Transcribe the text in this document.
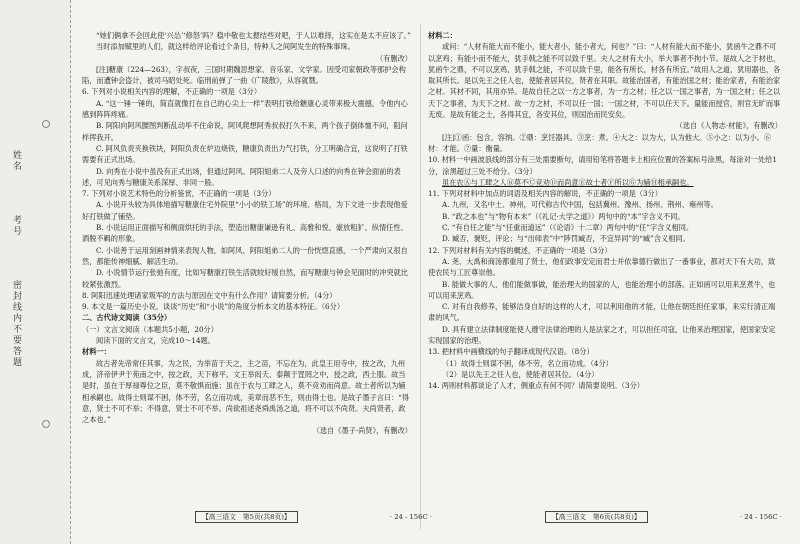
姓名
考号
密封线内不要答题

“她们俩拿不会回此使‘兴怂’‘修怒’吗？稳中敬也太摁结些对吧，于人以难择，这实在是太不应该了。”

当时添加赋里的人们，就这样给评论看过个条目，特种人之间阿发生的特殊事珠。

（有删改）

[注]糖康（224—263），字叔夜，三国时期魏思想家、音乐家、文学家。因受司家朝政等那护会构陷，而遭钟会盗计，被司马昭处死。临刑前弹了一曲《广陵散》，从容就戮。

6. 下列对小说相关内容的理解，不正确的一项是（3分）

A. “这一锤一锤的，简直就像打在自己的心尖上一样”表明打铁给糖康心灵带来极大震撼，令他内心感到阵阵疼痛。

B. 阿阳向阿风腰图判断乱动毕不住命说，阿风爬想阿秀叔叔打久不来，两个孩子倒体恤不问，阻问样挥我开。

C. 阿风负责夹换铁块，阿阳负责在炉边烧铁，糖康负责出力气打铁，分工明确合宜，这说明了打铁需要有正式出场。

D. 向秀在小说中虽没有正式出场，但通过阿风、阿阳姐弟二人及旁人口述的向秀在钟会面前的表述，可见向秀与糖康关系深厚、非同一般。

7. 下列对小说艺术特色的分析鉴赏，不正确的一项是（3分）

A. 小说开头较为具体地描写糖康住宅外院里“小小的铁工场”的环境、格局，为下文进一步表现他爱好打铁做了铺垫。

B. 小说运用正面描写和侧面烘托的手法，塑造出糖康谦逊有礼、高雅和悦、豪放粗犷、纵情任性、洒脱不羁的形象。

C. 小说善于运用刻画神情来表现人物，如阿风、阿阳姐弟二人的一份恍惚直感，一个严肃向又很自然，都能传神细腻、解活生动。

D. 小说情节运行张弛有度，比如写糖康打铁生活就较好缓自然，而写糖康与钟会见面时的冲突就比较紧张激烈。

8. 阿阳迅速处理诸家叛军的方法与原因在文中有什么作用？请简要分析。（4分）

9. 本文是一篇历史小说，谈谈“历史”和“小说”的角度分析本文的基本特征。（6分）

二、古代诗文阅读（35分）

（一）文言文阅读（本题共5小题，20分）

阅读下面的文言文，完成10～14题。

材料一：

故古者先帝常任其事，为之民，为举苗于天之，主之苗，不忘在为，此皇王用寺中，按之改，九州成，济帝伊尹于苑南之中，按之政，天下称平。文王举闳夭、泰颠于罝罔之中，授之政，西土服。故当是时，虽在于厚禄尊位之臣，莫不敬惧而施；虽在于农与工肆之人，莫不竞劝而尚意。故士者所以为辅相承嗣也。故得士则谋不困，体不劳，名立而功成，美章而恶不生，则由得士也。是故子墨子言曰：“得意，贤士不可不举；不得意，贤士不可不举。尚欲祖述尧舜禹汤之道，将不可以不尚贤。夫尚贤者，政之本也。”

（选自《墨子·尚贤》，有删改）

材料二：

或问：“人材有能大而不能小，能大者小，能小者大，何也？”曰：“人材有能大而不能小，犹函牛之鼎不可以烹鸡；有能小而不能大，犹手戟之能不可以致千里。夫人之材有大小，举大事者不拘小节。是故人之于材也，犹函牛之鼎，不可以烹鸡，犹手戟之能，不可以致千里，能各有所长，材各有所宜。”故用人之道，犹用器也，各取其所长。是以先王之任人也，使能者居其位，贤者在其职。故能治国者，有能治国之材；能治家者，有能治家之材。其材不同，其用亦异。是故自任之以一方之事者，为一方之材；任之以一国之事者，为一国之材；任之以天下之事者，为天下之材。故一方之材，不可以任一国；一国之材，不可以任天下。量能而授官，则官无旷而事无废。是故有能之士，各得其宜，各安其位，则国治而民安矣。

（选自《人物志·材能》，有删改）

[注]①函：包含，容纳。②鼎：烹饪器具。③烹：煮。④大之：以为大，认为他大。⑤小之：以为小。⑥材：才能。⑦量：衡量。

10. 材料一中画波浪线的部分有三处需要断句，请用铅笔将答题卡上相应位置的答案标号涂黑，每涂对一处给1分，涂黑超过三处不给分。（3分）

虽在农Ⓐ与工肆之人Ⓑ莫不Ⓒ竞劝Ⓓ而尚意Ⓔ故士者Ⓕ所以Ⓖ为辅Ⓗ相承嗣也。

11. 下列对材料中加点的词语及相关内容的解说，不正确的一项是（3分）

A. 九州，又名中土、神州，可代称古代中国，包括冀州、豫州、扬州、荆州、雍州等。

B. “政之本也”与“物有本末”（《礼记·大学之道》）两句中的“本”字含义不同。

C. “有自任之能”与“任重而道远”（《论语》十二章）两句中的“任”字含义相同。

D. 臧否，褒贬，评论；与“出师表”中“陟罚臧否，不宜异同”的“臧”含义相同。

12. 下列对材料有关内容的概述，不正确的一项是（3分）

A. 尧、大禹和商汤都重用了贤士，他们政事安定而君士并依靠德行做出了一番事业，都对天下有大功，致使农民与工匠尊崇他。

B. 能做大事的人，他们能做事做，能治理大的国家的人，也能治理小的部落。正如函可以用来烹煮牛，也可以用来烹鸡。

C. 对有自我修养，能够洁身自好的这样的人才，可以利用他的才能，让他在朝廷担任家事，来实行清正端肃的风气。

D. 具有建立法律制度能使人遵守法律治理的人是法家之才，可以担任司寇，让他来治理国家，使国家安定实现国家的治理。

13. 把材料中画横线的句子翻译成现代汉语。（8分）

（1）故得士则谋不困，体不劳，名立而功成。（4分）

（2）是以先王之任人也，使能者居其位。（4分）

14. 两则材料都谈论了人才，侧重点有何不同？请简要说明。（3分）

【高三语文　第5页(共8页)】	· 24 - 156C ·	【高三语文　第6页(共8页)】	· 24 - 156C ·
